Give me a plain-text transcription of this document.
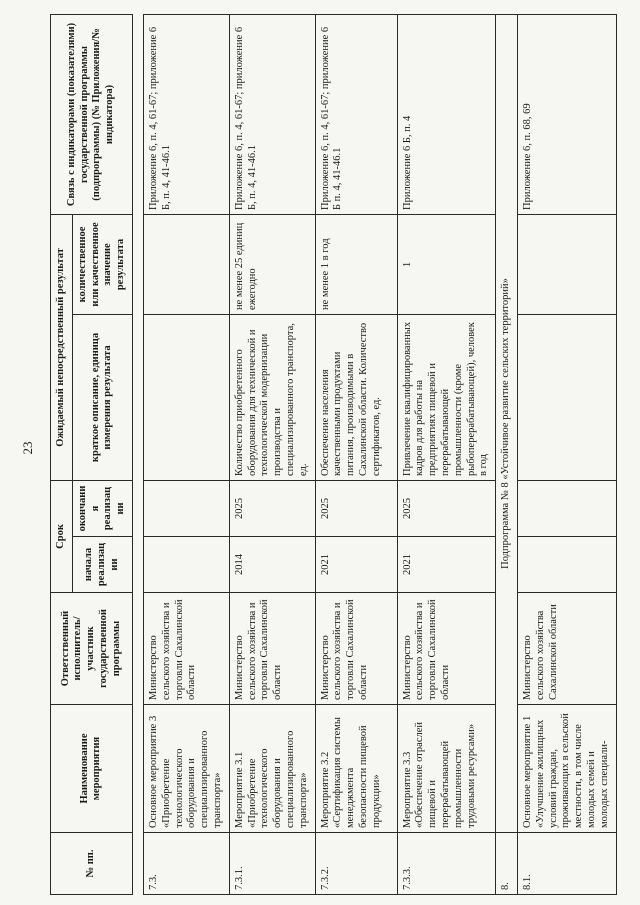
23
№ пп.	Наименование мероприятия	Ответственный исполнитель/участник государственной программы	Срок		Ожидаемый непосредственный результат		Связь с индикаторами (показателями) государственной программы (подпрограммы) (№ Приложения/№ индикатора)
			начала реализации	окончания реализации	краткое описание, единица измерения результата	количественное или качественное значение результата	

7.3.	Основное мероприятие 3 «Приобретение технологического оборудования и специализированного транспорта»	Министерство сельского хозяйства и торговли Сахалинской области					Приложение 6, п. 4, 61-67; приложение 6 Б, п. 4, 41-46.1
7.3.1.	Мероприятие 3.1 «Приобретение технологического оборудования и специализированного транспорта»	Министерство сельского хозяйства и торговли Сахалинской области	2014	2025	Количество приобретенного оборудования для технической и технологической модернизации производства и специализированного транспорта, ед.	не менее 25 единиц ежегодно	Приложение 6, п. 4, 61-67; приложение 6 Б, п. 4, 41-46.1
7.3.2.	Мероприятие 3.2 «Сертификация системы менеджмента безопасности пищевой продукции»	Министерство сельского хозяйства и торговли Сахалинской области	2021	2025	Обеспечение населения качественными продуктами питания, производимыми в Сахалинской области. Количество сертификатов, ед.	не менее 1 в год	Приложение 6, п. 4, 61-67; приложение 6 Б п. 4, 41-46.1
7.3.3.	Мероприятие 3.3 «Обеспечение отраслей пищевой и перерабатывающей промышленности трудовыми ресурсами»	Министерство сельского хозяйства и торговли Сахалинской области	2021	2025	Привлечение квалифицированных кадров для работы на предприятиях пищевой и перерабатывающей промышленности (кроме рыбоперерабатывающей), человек в год	1	Приложение 6 Б, п. 4
8.	Подпрограмма № 8 «Устойчивое развитие сельских территорий»						
8.1.	Основное мероприятие 1 «Улучшение жилищных условий граждан, проживающих в сельской местности, в том числе молодых семей и молодых специали-	Министерство сельского хозяйства Сахалинской области					Приложение 6, п. 68, 69
